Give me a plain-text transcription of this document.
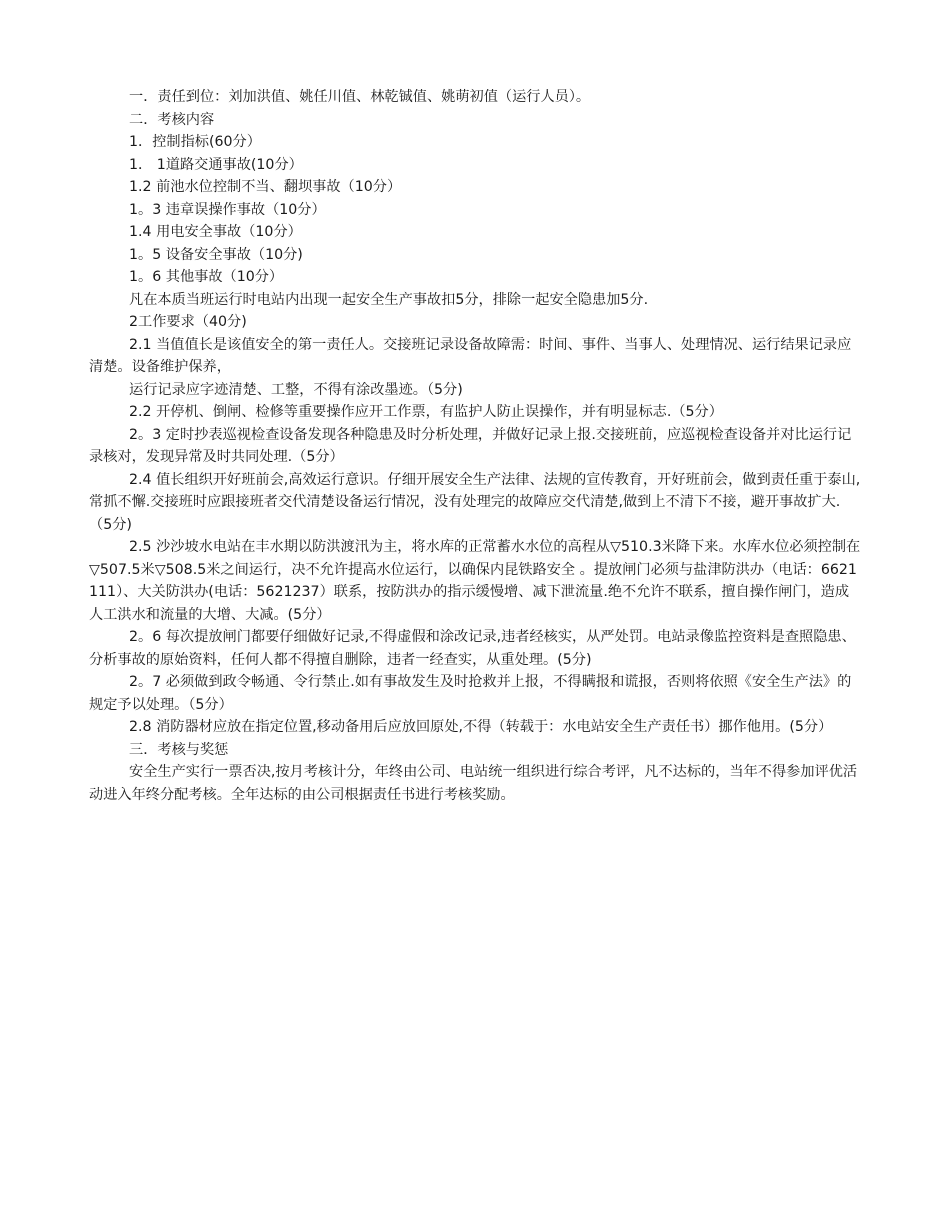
一．责任到位：刘加洪值、姚任川值、林乾铖值、姚萌初值（运行人员）。

二．考核内容

1．控制指标(60分）

1． 1道路交通事故(10分）

1.2 前池水位控制不当、翻坝事故（10分）

1。3 违章误操作事故（10分）

1.4 用电安全事故（10分）

1。5 设备安全事故（10分)

1。6 其他事故（10分）

凡在本质当班运行时电站内出现一起安全生产事故扣5分，排除一起安全隐患加5分.

2工作要求（40分)

2.1 当值值长是该值安全的第一责任人。交接班记录设备故障需：时间、事件、当事人、处理情况、运行结果记录应清楚。设备维护保养，

运行记录应字迹清楚、工整，不得有涂改墨迹。（5分)

2.2 开停机、倒闸、检修等重要操作应开工作票，有监护人防止误操作，并有明显标志.（5分）

2。3 定时抄表巡视检查设备发现各种隐患及时分析处理，并做好记录上报.交接班前，应巡视检查设备并对比运行记录核对，发现异常及时共同处理.（5分）

2.4 值长组织开好班前会,高效运行意识。仔细开展安全生产法律、法规的宣传教育，开好班前会，做到责任重于泰山,常抓不懈.交接班时应跟接班者交代清楚设备运行情况，没有处理完的故障应交代清楚,做到上不清下不接，避开事故扩大.（5分)

2.5 沙沙坡水电站在丰水期以防洪渡汛为主，将水库的正常蓄水水位的高程从▽510.3米降下来。水库水位必须控制在▽507.5米▽508.5米之间运行，决不允许提高水位运行，以确保内昆铁路安全 。提放闸门必须与盐津防洪办（电话：6621111）、大关防洪办(电话：5621237）联系，按防洪办的指示缓慢增、减下泄流量.绝不允许不联系，擅自操作闸门，造成人工洪水和流量的大增、大减。(5分）

2。6 每次提放闸门都要仔细做好记录,不得虚假和涂改记录,违者经核实，从严处罚。电站录像监控资料是查照隐患、分析事故的原始资料，任何人都不得擅自删除，违者一经查实，从重处理。(5分)

2。7 必须做到政令畅通、令行禁止.如有事故发生及时抢救并上报，不得瞒报和谎报，否则将依照《安全生产法》的规定予以处理。（5分）

2.8 消防器材应放在指定位置,移动备用后应放回原处,不得（转载于：水电站安全生产责任书）挪作他用。(5分）

三．考核与奖惩

安全生产实行一票否决,按月考核计分，年终由公司、电站统一组织进行综合考评，凡不达标的，当年不得参加评优活动进入年终分配考核。全年达标的由公司根据责任书进行考核奖励。
